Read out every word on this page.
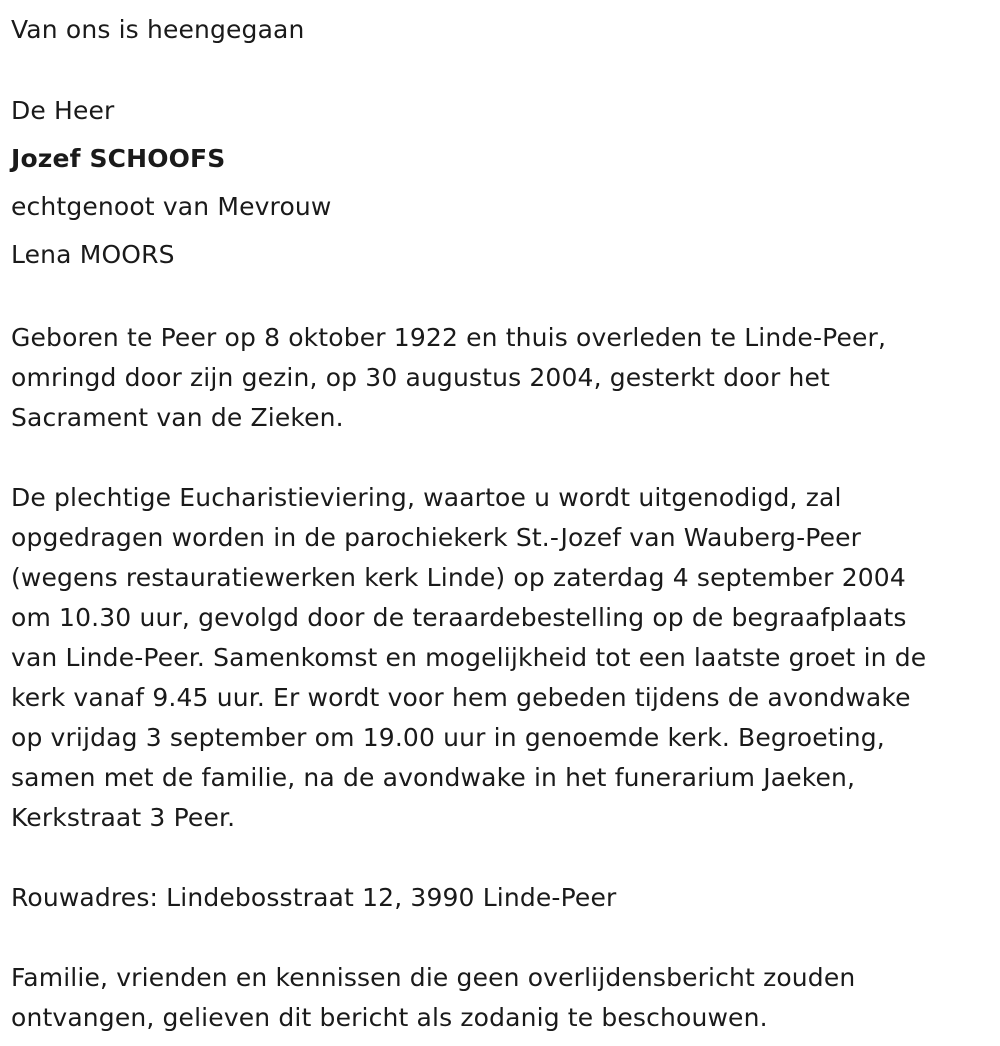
Van ons is heengegaan
De Heer
Jozef SCHOOFS
echtgenoot van Mevrouw
Lena MOORS
Geboren te Peer op 8 oktober 1922 en thuis overleden te Linde-Peer,
omringd door zijn gezin, op 30 augustus 2004, gesterkt door het
Sacrament van de Zieken.
De plechtige Eucharistieviering, waartoe u wordt uitgenodigd, zal
opgedragen worden in de parochiekerk St.-Jozef van Wauberg-Peer
(wegens restauratiewerken kerk Linde) op zaterdag 4 september 2004
om 10.30 uur, gevolgd door de teraardebestelling op de begraafplaats
van Linde-Peer. Samenkomst en mogelijkheid tot een laatste groet in de
kerk vanaf 9.45 uur. Er wordt voor hem gebeden tijdens de avondwake
op vrijdag 3 september om 19.00 uur in genoemde kerk. Begroeting,
samen met de familie, na de avondwake in het funerarium Jaeken,
Kerkstraat 3 Peer.
Rouwadres: Lindebosstraat 12, 3990 Linde-Peer
Familie, vrienden en kennissen die geen overlijdensbericht zouden
ontvangen, gelieven dit bericht als zodanig te beschouwen.
